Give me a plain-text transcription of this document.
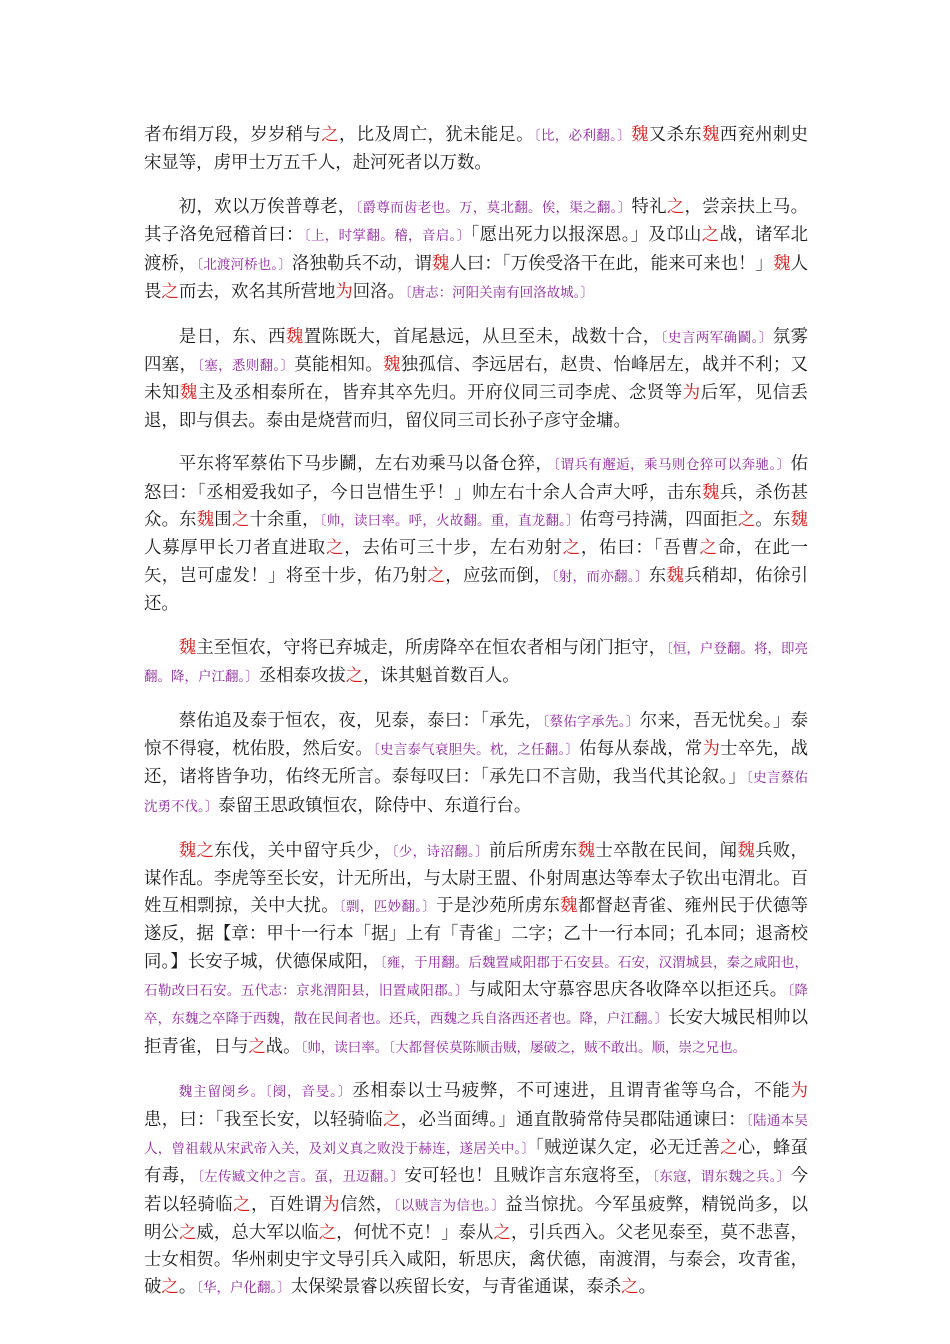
者布绢万段，岁岁稍与之，比及周亡，犹未能足。〔比，必利翻。〕魏又杀东魏西兖州刺史宋显等，虏甲士万五千人，赴河死者以万数。

初，欢以万俟普尊老，〔爵尊而齿老也。万，莫北翻。俟，渠之翻。〕特礼之，尝亲扶上马。其子洛免冠稽首曰：〔上，时掌翻。稽，音启。〕「愿出死力以报深恩。」及邙山之战，诸军北渡桥，〔北渡河桥也。〕洛独勒兵不动，谓魏人曰：「万俟受洛干在此，能来可来也！」魏人畏之而去，欢名其所营地为回洛。〔唐志：河阳关南有回洛故城。〕

是日，东、西魏置陈既大，首尾悬远，从旦至未，战数十合，〔史言两军确鬬。〕氛雾四塞，〔塞，悉则翻。〕莫能相知。魏独孤信、李远居右，赵贵、怡峰居左，战并不利；又未知魏主及丞相泰所在，皆弃其卒先归。开府仪同三司李虎、念贤等为后军，见信丢退，即与俱去。泰由是烧营而归，留仪同三司长孙子彦守金墉。

平东将军蔡佑下马步鬬，左右劝乘马以备仓猝，〔谓兵有邂逅，乘马则仓猝可以奔驰。〕佑怒曰：「丞相爱我如子，今日岂惜生乎！」帅左右十余人合声大呼，击东魏兵，杀伤甚众。东魏围之十余重，〔帅，读曰率。呼，火故翻。重，直龙翻。〕佑弯弓持满，四面拒之。东魏人募厚甲长刀者直进取之，去佑可三十步，左右劝射之，佑曰：「吾曹之命，在此一矢，岂可虚发！」将至十步，佑乃射之，应弦而倒，〔射，而亦翻。〕东魏兵稍却，佑徐引还。

魏主至恒农，守将已弃城走，所虏降卒在恒农者相与闭门拒守，〔恒，户登翻。将，即亮翻。降，户江翻。〕丞相泰攻拔之，诛其魁首数百人。

蔡佑追及泰于恒农，夜，见泰，泰曰：「承先，〔蔡佑字承先。〕尔来，吾无忧矣。」泰惊不得寝，枕佑股，然后安。〔史言泰气衰胆失。枕，之任翻。〕佑每从泰战，常为士卒先，战还，诸将皆争功，佑终无所言。泰每叹曰：「承先口不言勋，我当代其论叙。」〔史言蔡佑沈勇不伐。〕泰留王思政镇恒农，除侍中、东道行台。

魏之东伐，关中留守兵少，〔少，诗沼翻。〕前后所虏东魏士卒散在民间，闻魏兵败，谋作乱。李虎等至长安，计无所出，与太尉王盟、仆射周惠达等奉太子钦出屯渭北。百姓互相剽掠，关中大扰。〔剽，匹妙翻。〕于是沙苑所虏东魏都督赵青雀、雍州民于伏德等遂反，据【章：甲十一行本「据」上有「青雀」二字；乙十一行本同；孔本同；退斋校同。】长安子城，伏德保咸阳，〔雍，于用翻。后魏置咸阳郡于石安县。石安，汉渭城县，秦之咸阳也，石勒改曰石安。五代志：京兆渭阳县，旧置咸阳郡。〕与咸阳太守慕容思庆各收降卒以拒还兵。〔降卒，东魏之卒降于西魏，散在民间者也。还兵，西魏之兵自洛西还者也。降，户江翻。〕长安大城民相帅以拒青雀，日与之战。〔帅，读曰率。〔大都督侯莫陈顺击贼，屡破之，贼不敢出。顺，崇之兄也。

魏主留阌乡。〔阌，音旻。〕丞相泰以士马疲弊，不可速进，且谓青雀等乌合，不能为患，曰：「我至长安，以轻骑临之，必当面缚。」通直散骑常侍吴郡陆通谏曰：〔陆通本吴人，曾祖载从宋武帝入关，及刘义真之败没于赫连，遂居关中。〕「贼逆谋久定，必无迁善之心，蜂虿有毒，〔左传臧文仲之言。虿，丑迈翻。〕安可轻也！且贼诈言东寇将至，〔东寇，谓东魏之兵。〕今若以轻骑临之，百姓谓为信然，〔以贼言为信也。〕益当惊扰。今军虽疲弊，精锐尚多，以明公之威，总大军以临之，何忧不克！」泰从之，引兵西入。父老见泰至，莫不悲喜，士女相贺。华州刺史宇文导引兵入咸阳，斩思庆，禽伏德，南渡渭，与泰会，攻青雀，破之。〔华，户化翻。〕太保梁景睿以疾留长安，与青雀通谋，泰杀之。
